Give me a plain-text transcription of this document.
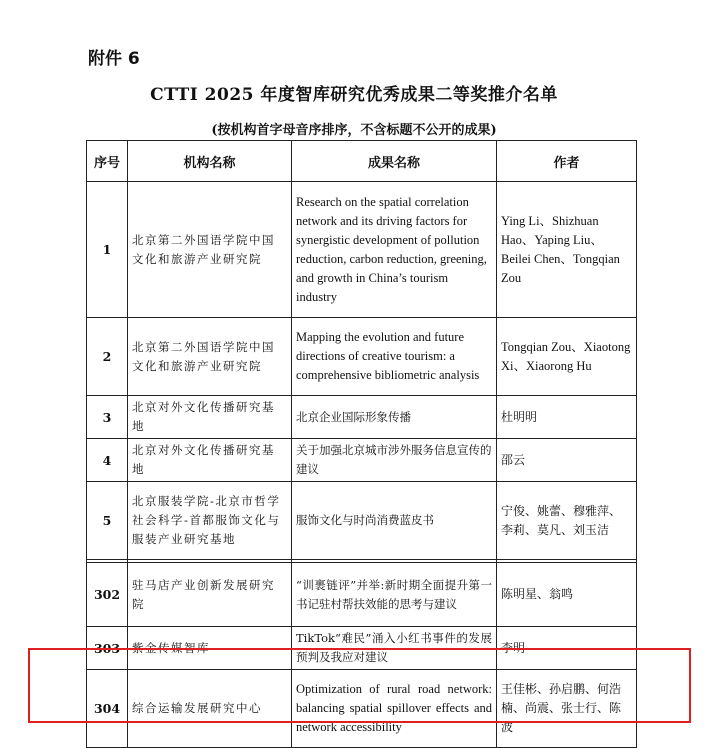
附件 6
CTTI 2025 年度智库研究优秀成果二等奖推介名单
(按机构首字母音序排序，不含标题不公开的成果)
序号	机构名称	成果名称	作者
1	北京第二外国语学院中国文化和旅游产业研究院	Research on the spatial correlation network and its driving factors for synergistic development of pollution reduction, carbon reduction, greening, and growth in China’s tourism industry	Ying Li、Shizhuan Hao、Yaping Liu、Beilei Chen、Tongqian Zou
2	北京第二外国语学院中国文化和旅游产业研究院	Mapping the evolution and future directions of creative tourism: a comprehensive bibliometric analysis	Tongqian Zou、Xiaotong Xi、Xiaorong Hu
3	北京对外文化传播研究基地	北京企业国际形象传播	杜明明
4	北京对外文化传播研究基地	关于加强北京城市涉外服务信息宣传的建议	邵云
5	北京服装学院-北京市哲学社会科学-首都服饰文化与服装产业研究基地	服饰文化与时尚消费蓝皮书	宁俊、姚蕾、穆雅萍、李莉、莫凡、刘玉洁

302	驻马店产业创新发展研究院	“训裹链评”并举:新时期全面提升第一书记驻村帮扶效能的思考与建议	陈明星、翁鸣
303	紫金传媒智库	TikTok“难民”涌入小红书事件的发展预判及我应对建议	李明
304	综合运输发展研究中心	Optimization of rural road network: balancing spatial spillover effects and network accessibility	王佳彬、孙启鹏、何浩楠、尚震、张士行、陈波
